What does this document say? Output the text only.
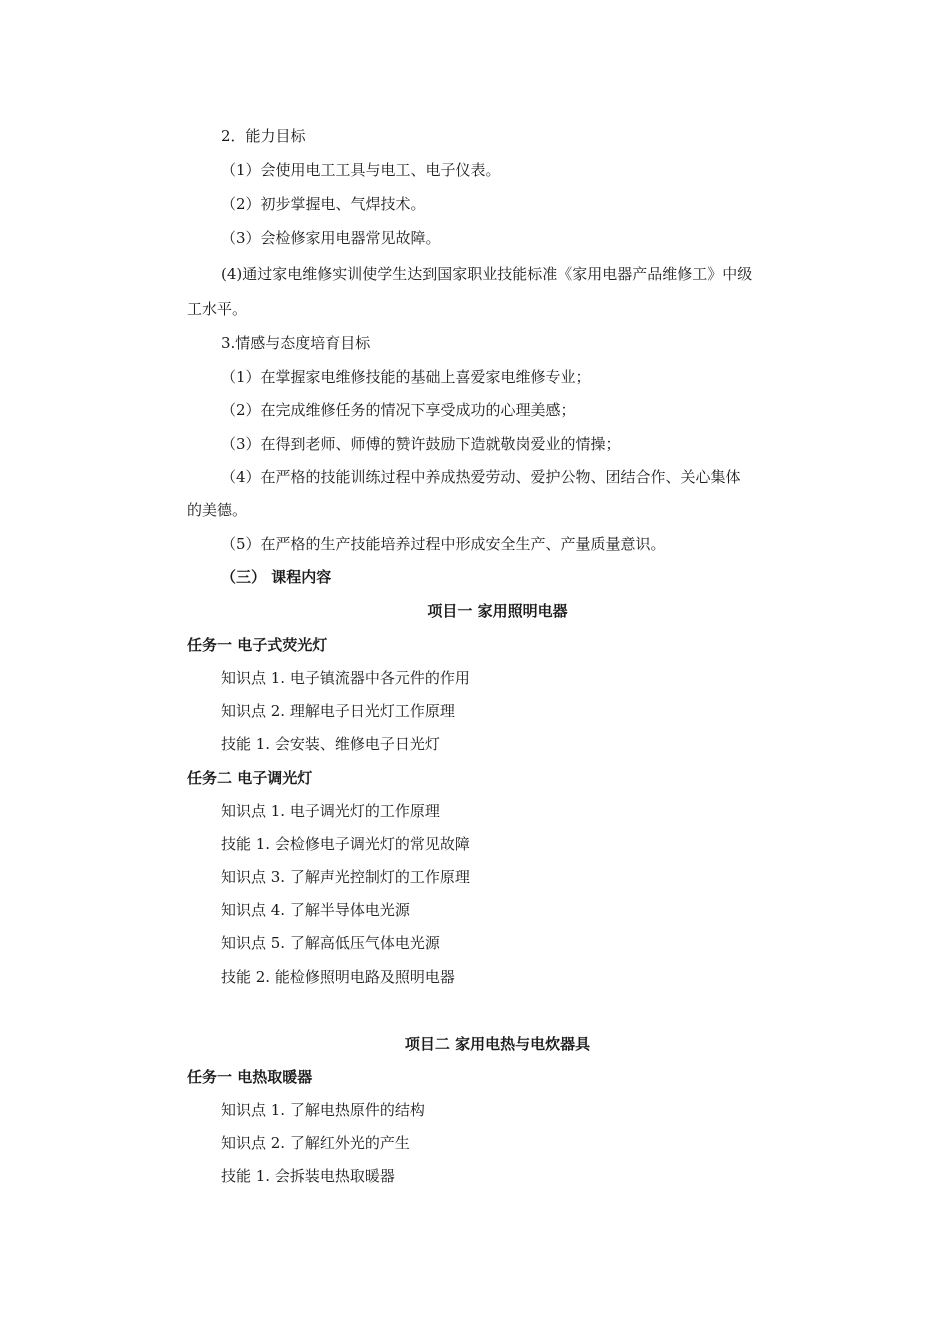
2．能力目标
（1）会使用电工工具与电工、电子仪表。
（2）初步掌握电、气焊技术。
（3）会检修家用电器常见故障。
(4)通过家电维修实训使学生达到国家职业技能标准《家用电器产品维修工》中级
工水平。
3.情感与态度培育目标
（1）在掌握家电维修技能的基础上喜爱家电维修专业；
（2）在完成维修任务的情况下享受成功的心理美感；
（3）在得到老师、师傅的赞许鼓励下造就敬岗爱业的情操；
（4）在严格的技能训练过程中养成热爱劳动、爱护公物、团结合作、关心集体
的美德。
（5）在严格的生产技能培养过程中形成安全生产、产量质量意识。
（三） 课程内容
项目一 家用照明电器
任务一 电子式荧光灯
知识点 1. 电子镇流器中各元件的作用
知识点 2. 理解电子日光灯工作原理
技能 1. 会安装、维修电子日光灯
任务二 电子调光灯
知识点 1. 电子调光灯的工作原理
技能 1. 会检修电子调光灯的常见故障
知识点 3. 了解声光控制灯的工作原理
知识点 4. 了解半导体电光源
知识点 5. 了解高低压气体电光源
技能 2. 能检修照明电路及照明电器
项目二 家用电热与电炊器具
任务一 电热取暖器
知识点 1. 了解电热原件的结构
知识点 2. 了解红外光的产生
技能 1. 会拆装电热取暖器
